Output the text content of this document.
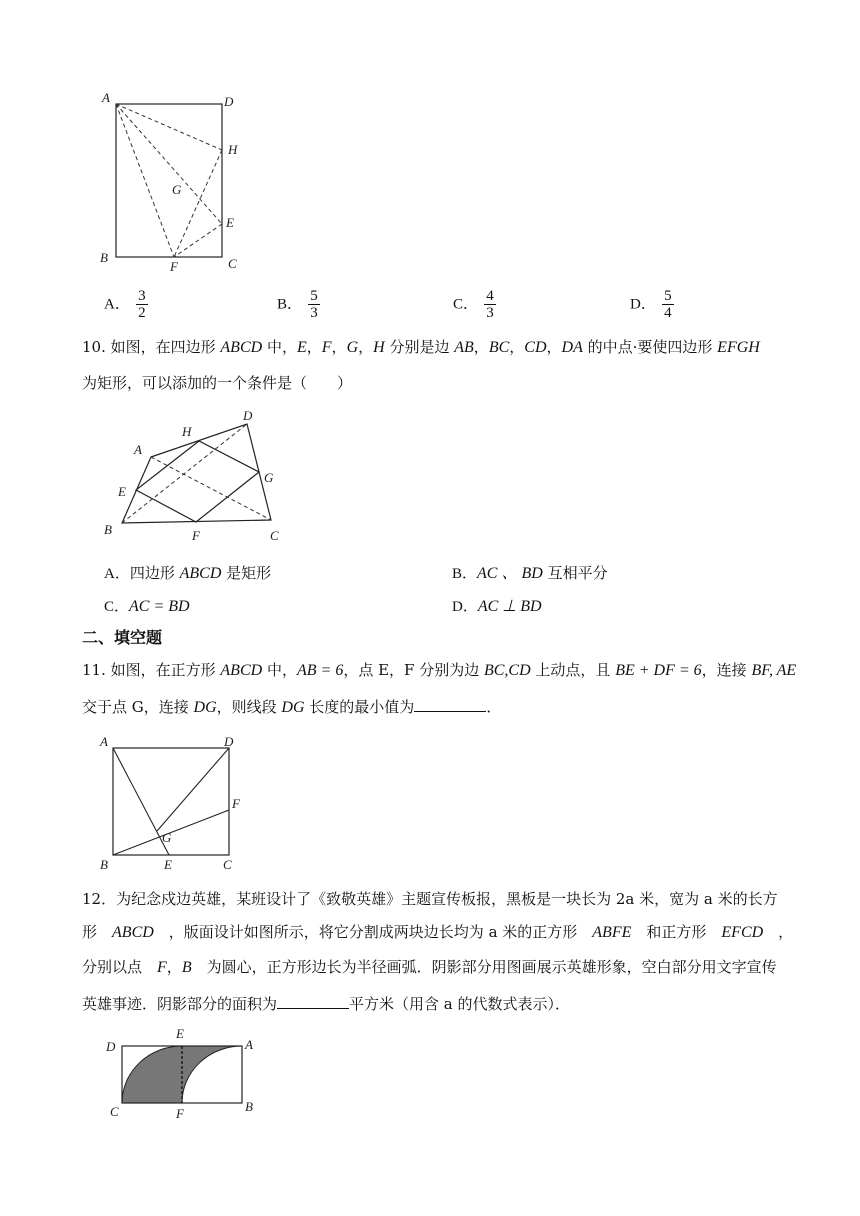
A	D
H
G
E
B
F	C
A． $\frac{3}{2}$	B． $\frac{5}{3}$	C． $\frac{4}{3}$	D． $\frac{5}{4}$
10. 如图，在四边形 ABCD 中，E，F，G，H 分别是边 AB，BC，CD，DA 的中点·要使四边形 EFGH
为矩形，可以添加的一个条件是（　　）
A
H
D
E
G
B	F	C
A．四边形 ABCD 是矩形	B．AC 、 BD 互相平分
C．AC = BD	D．AC ⊥ BD
二、填空题
11. 如图，在正方形 ABCD 中，AB = 6，点 E，F 分别为边 BC,CD 上动点，且 BE + DF = 6，连接 BF, AE
交于点 G，连接 DG，则线段 DG 长度的最小值为	．
A	D
F
G
B	E	C
12．为纪念戍边英雄，某班设计了《致敬英雄》主题宣传板报，黑板是一块长为 2a 米，宽为 a 米的长方
形　ABCD　，版面设计如图所示，将它分割成两块边长均为 a 米的正方形　ABFE　和正方形　EFCD　，
分别以点　F，B　为圆心，正方形边长为半径画弧．阴影部分用图画展示英雄形象，空白部分用文字宣传
英雄事迹．阴影部分的面积为	平方米（用含 a 的代数式表示）．
D
E
A
C	F	B
